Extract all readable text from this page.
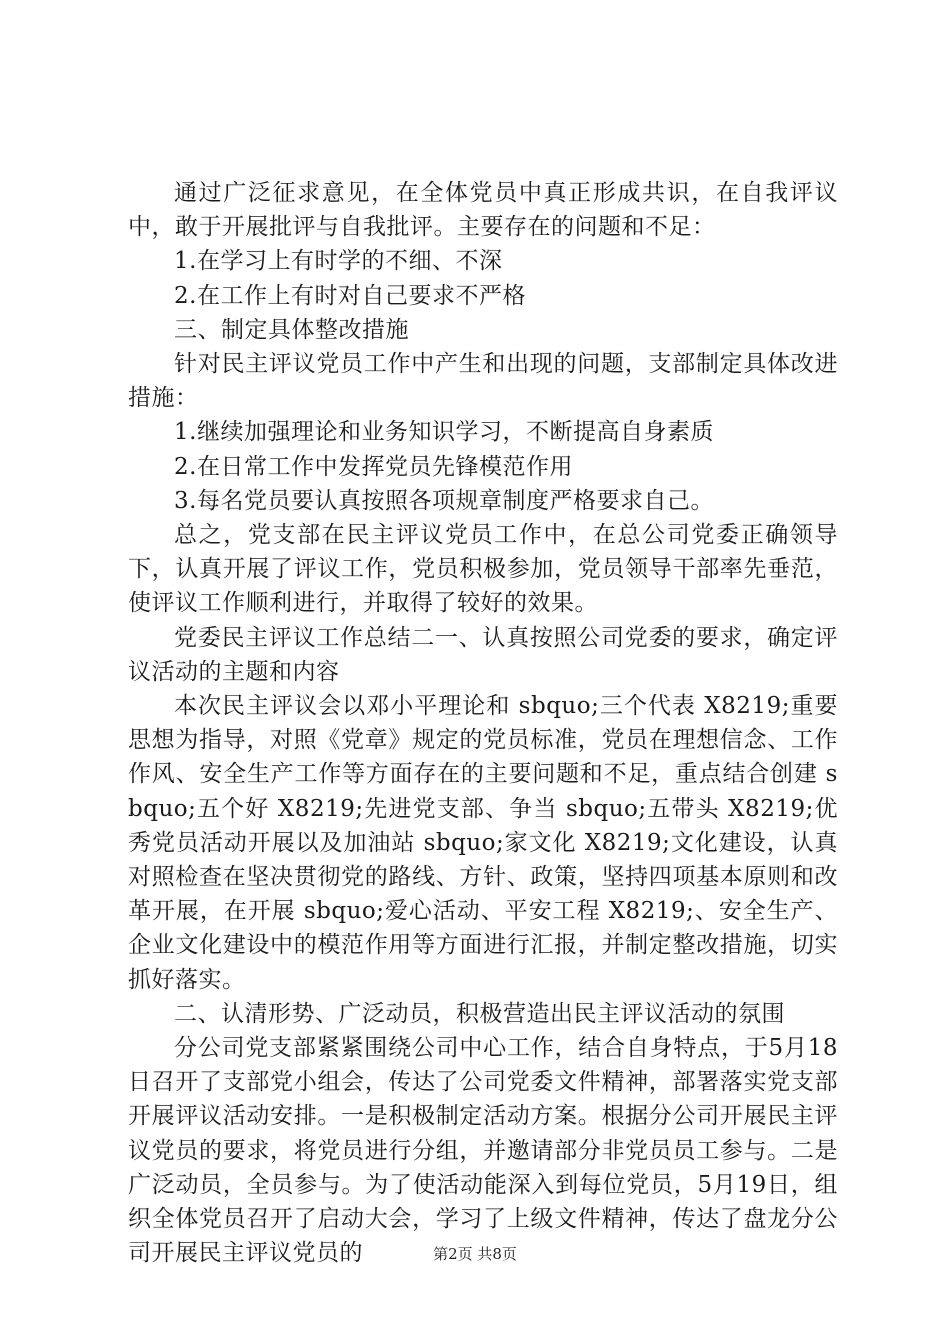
通过广泛征求意见，在全体党员中真正形成共识，在自我评议中，敢于开展批评与自我批评。主要存在的问题和不足：

1.在学习上有时学的不细、不深

2.在工作上有时对自己要求不严格

三、制定具体整改措施

针对民主评议党员工作中产生和出现的问题，支部制定具体改进措施：

1.继续加强理论和业务知识学习，不断提高自身素质

2.在日常工作中发挥党员先锋模范作用

3.每名党员要认真按照各项规章制度严格要求自己。

总之，党支部在民主评议党员工作中，在总公司党委正确领导下，认真开展了评议工作，党员积极参加，党员领导干部率先垂范，使评议工作顺利进行，并取得了较好的效果。

党委民主评议工作总结二一、认真按照公司党委的要求，确定评议活动的主题和内容

本次民主评议会以邓小平理论和 sbquo;三个代表 X8219;重要思想为指导，对照《党章》规定的党员标准，党员在理想信念、工作作风、安全生产工作等方面存在的主要问题和不足，重点结合创建 sbquo;五个好 X8219;先进党支部、争当 sbquo;五带头 X8219;优秀党员活动开展以及加油站 sbquo;家文化 X8219;文化建设，认真对照检查在坚决贯彻党的路线、方针、政策，坚持四项基本原则和改革开展，在开展 sbquo;爱心活动、平安工程 X8219;、安全生产、企业文化建设中的模范作用等方面进行汇报，并制定整改措施，切实抓好落实。

二、认清形势、广泛动员，积极营造出民主评议活动的氛围

分公司党支部紧紧围绕公司中心工作，结合自身特点，于5月18日召开了支部党小组会，传达了公司党委文件精神，部署落实党支部开展评议活动安排。一是积极制定活动方案。根据分公司开展民主评议党员的要求，将党员进行分组，并邀请部分非党员员工参与。二是广泛动员，全员参与。为了使活动能深入到每位党员，5月19日，组织全体党员召开了启动大会，学习了上级文件精神，传达了盘龙分公司开展民主评议党员的	第2页 共8页
